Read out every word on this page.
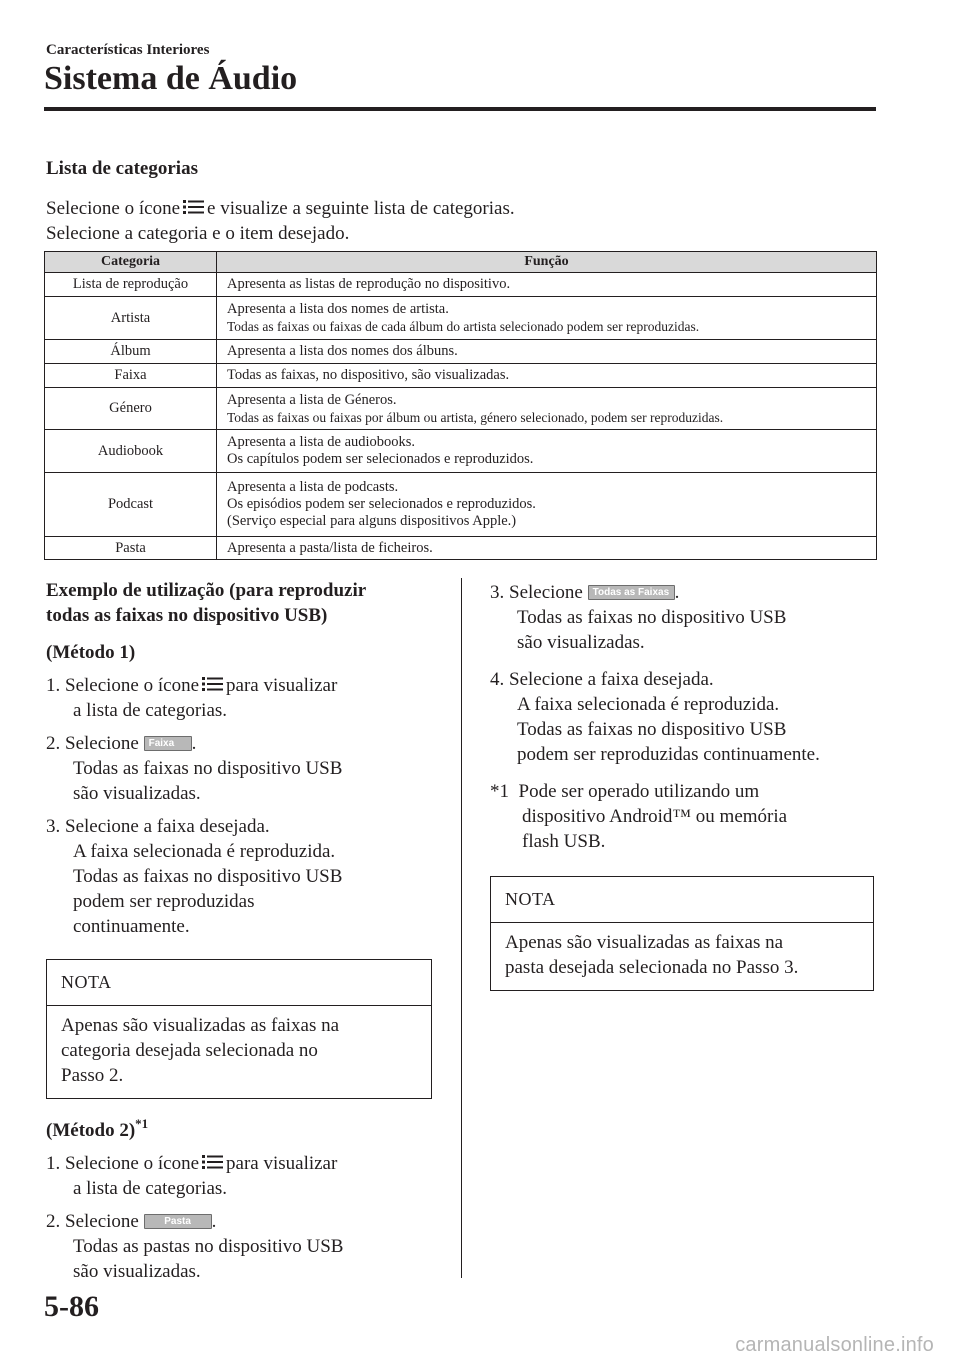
Características Interiores
Sistema de Áudio
Lista de categorias

Selecione o ícone e visualize a seguinte lista de categorias.

Selecione a categoria e o item desejado.

Categoria	Função
Lista de reprodução	Apresenta as listas de reprodução no dispositivo.

Artista	Apresenta a lista dos nomes de artista.
Todas as faixas ou faixas de cada álbum do artista selecionado podem ser reproduzidas.

Álbum	Apresenta a lista dos nomes dos álbuns.

Faixa	Todas as faixas, no dispositivo, são visualizadas.

Género	Apresenta a lista de Géneros.
Todas as faixas ou faixas por álbum ou artista, género selecionado, podem ser reproduzidas.

Audiobook	Apresenta a lista de audiobooks.
Os capítulos podem ser selecionados e reproduzidos.

Podcast	Apresenta a lista de podcasts.
Os episódios podem ser selecionados e reproduzidos.
(Serviço especial para alguns dispositivos Apple.)

Pasta	Apresenta a pasta/lista de ficheiros.
Exemplo de utilização (para reproduzir
todas as faixas no dispositivo USB)
(Método 1)
1. Selecione o ícone para visualizar
a lista de categorias.
2. Selecione Faixa .
Todas as faixas no dispositivo USB
são visualizadas.
3. Selecione a faixa desejada.
A faixa selecionada é reproduzida.
Todas as faixas no dispositivo USB
podem ser reproduzidas
continuamente.
NOTA
Apenas são visualizadas as faixas na
categoria desejada selecionada no
Passo 2.
(Método 2)$^{*1}$
1. Selecione o ícone para visualizar
a lista de categorias.
2. Selecione	Pasta .
Todas as pastas no dispositivo USB
são visualizadas.
3. Selecione Todas as Faixas .
Todas as faixas no dispositivo USB
são visualizadas.
4. Selecione a faixa desejada.
A faixa selecionada é reproduzida.
Todas as faixas no dispositivo USB
podem ser reproduzidas continuamente.
*1 Pode ser operado utilizando um
dispositivo Android™ ou memória
flash USB.
NOTA
Apenas são visualizadas as faixas na
pasta desejada selecionada no Passo 3.
5-86
carmanualsonline.info
